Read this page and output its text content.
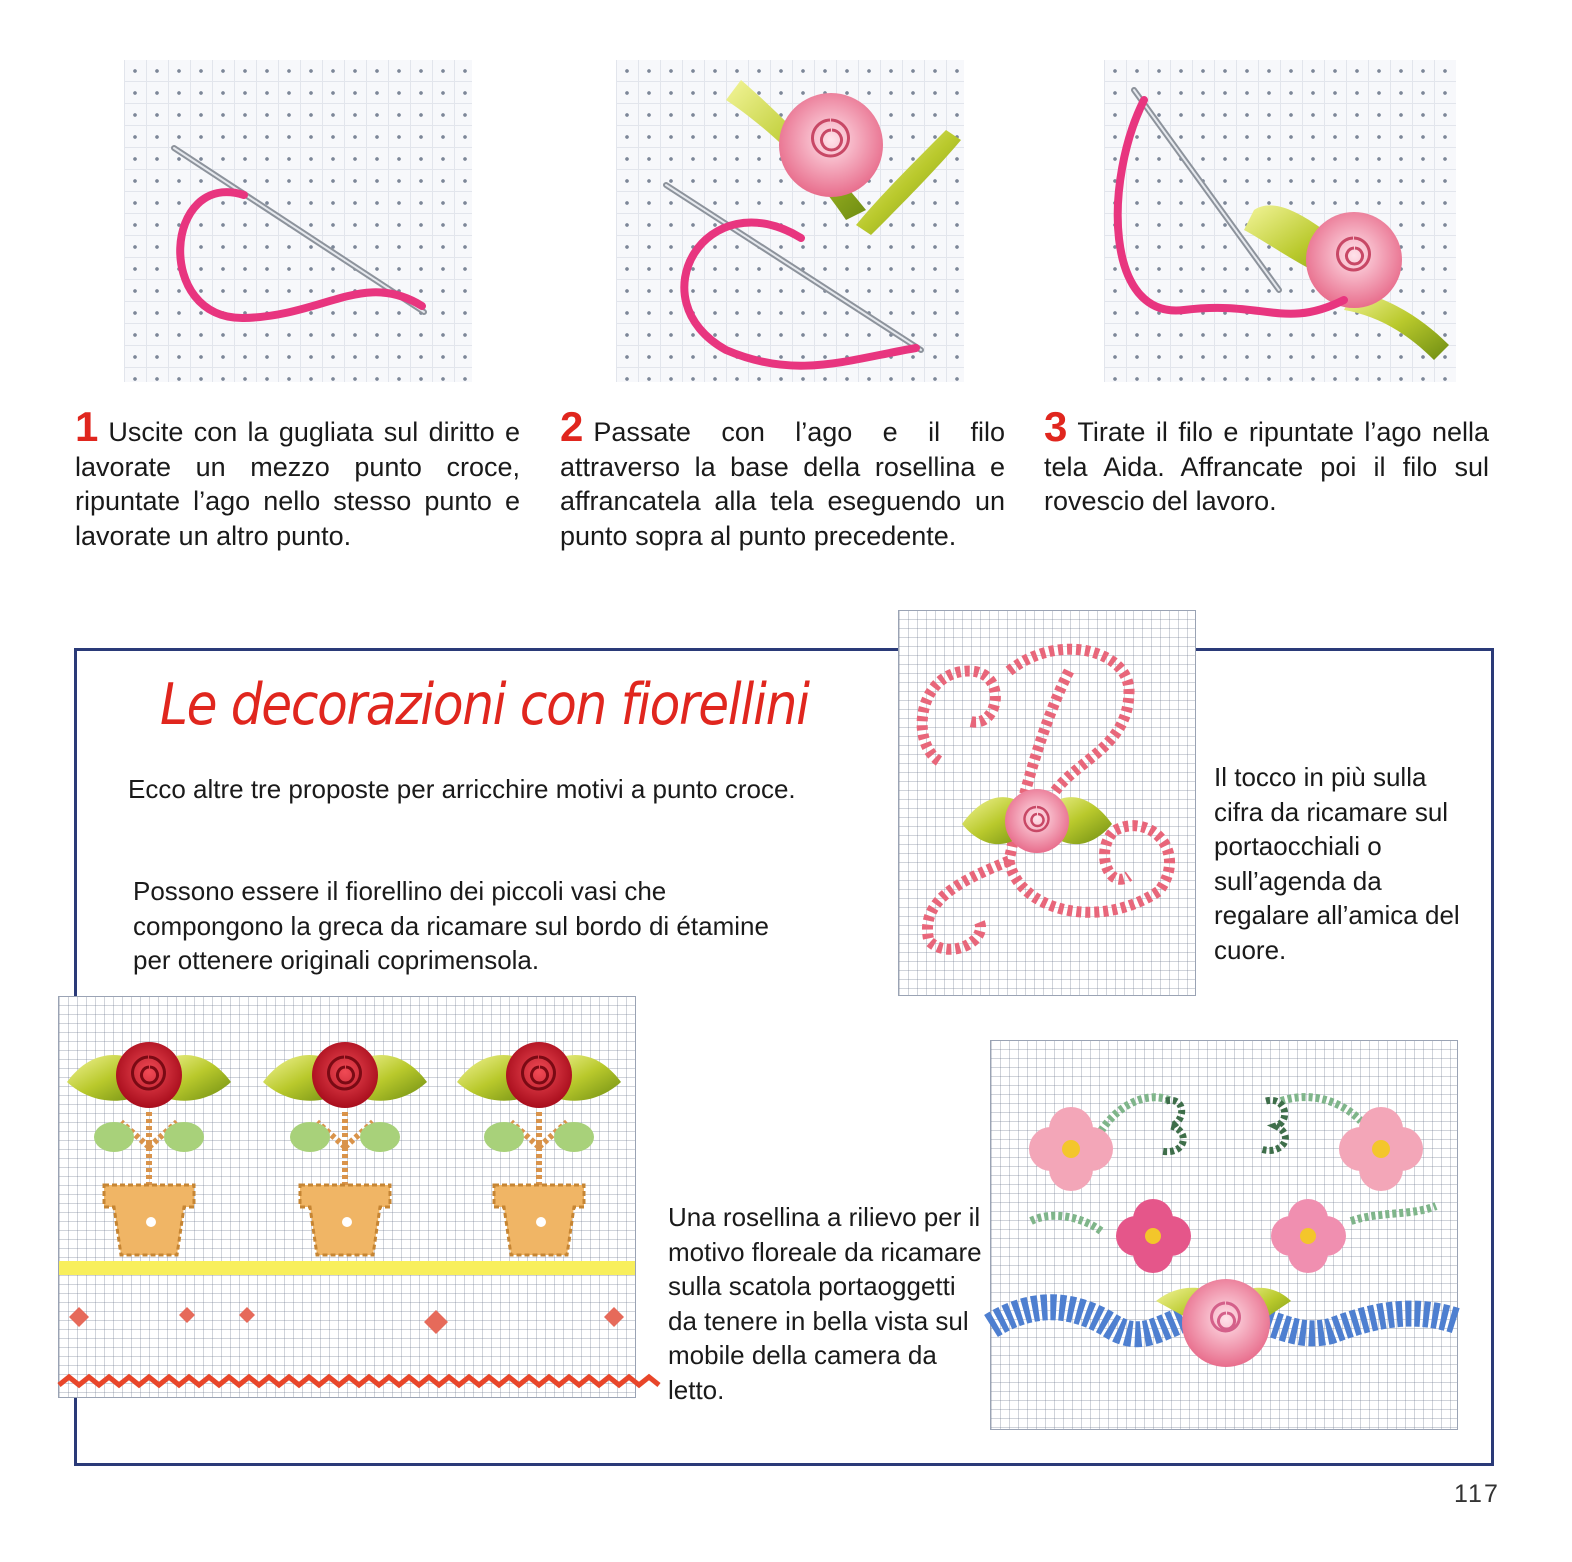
1 Uscite con la gugliata sul diritto e lavorate un mezzo punto croce, ripuntate l’ago nello stesso punto e lavorate un altro punto.
2 Passate con l’ago e il filo attraverso la base della rosellina e affrancatela alla tela eseguendo un punto sopra al punto precedente.
3 Tirate il filo e ripuntate l’ago nella tela Aida. Affrancate poi il filo sul rovescio del lavoro.
Le decorazioni con fiorellini

Ecco altre tre proposte per arricchire motivi a punto croce.

Possono essere il fiorellino dei piccoli vasi che compongono la greca da ricamare sul bordo di étamine per ottenere originali coprimensola.

Il tocco in più sulla cifra da ricamare sul portaocchiali o sull’agenda da regalare all’amica del cuore.

Una rosellina a rilievo per il motivo floreale da ricamare sulla scatola portaoggetti da tenere in bella vista sul mobile della camera da letto.

117
